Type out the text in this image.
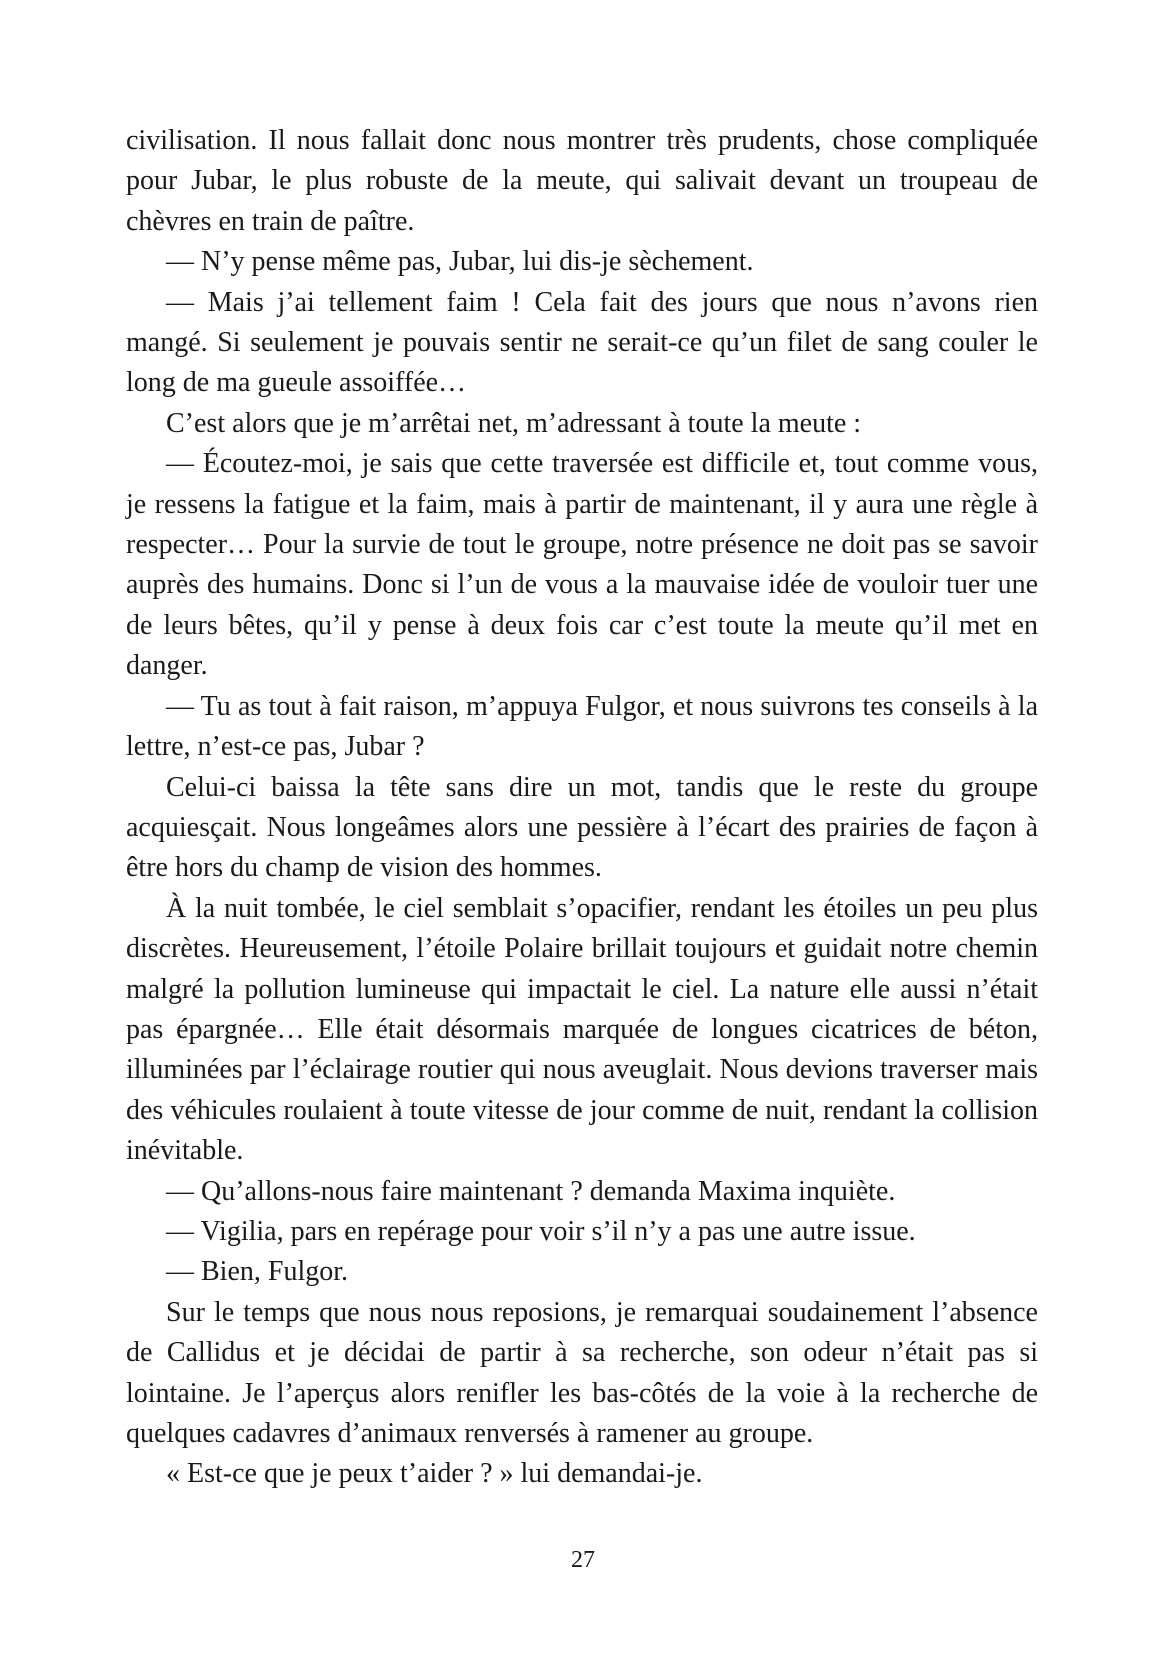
civilisation. Il nous fallait donc nous montrer très prudents, chose compliquée pour Jubar, le plus robuste de la meute, qui salivait devant un troupeau de chèvres en train de paître.

— N’y pense même pas, Jubar, lui dis-je sèchement.

— Mais j’ai tellement faim ! Cela fait des jours que nous n’avons rien mangé. Si seulement je pouvais sentir ne serait-ce qu’un filet de sang couler le long de ma gueule assoiffée…

C’est alors que je m’arrêtai net, m’adressant à toute la meute :

— Écoutez-moi, je sais que cette traversée est difficile et, tout comme vous, je ressens la fatigue et la faim, mais à partir de maintenant, il y aura une règle à respecter… Pour la survie de tout le groupe, notre présence ne doit pas se savoir auprès des humains. Donc si l’un de vous a la mauvaise idée de vouloir tuer une de leurs bêtes, qu’il y pense à deux fois car c’est toute la meute qu’il met en danger.

— Tu as tout à fait raison, m’appuya Fulgor, et nous suivrons tes conseils à la lettre, n’est-ce pas, Jubar ?

Celui-ci baissa la tête sans dire un mot, tandis que le reste du groupe acquiesçait. Nous longeâmes alors une pessière à l’écart des prairies de façon à être hors du champ de vision des hommes.

À la nuit tombée, le ciel semblait s’opacifier, rendant les étoiles un peu plus discrètes. Heureusement, l’étoile Polaire brillait toujours et guidait notre chemin malgré la pollution lumineuse qui impactait le ciel. La nature elle aussi n’était pas épargnée… Elle était désormais marquée de longues cicatrices de béton, illuminées par l’éclairage routier qui nous aveuglait. Nous devions traverser mais des véhicules roulaient à toute vitesse de jour comme de nuit, rendant la collision inévitable.

— Qu’allons-nous faire maintenant ? demanda Maxima inquiète.

— Vigilia, pars en repérage pour voir s’il n’y a pas une autre issue.

— Bien, Fulgor.

Sur le temps que nous nous reposions, je remarquai soudainement l’absence de Callidus et je décidai de partir à sa recherche, son odeur n’était pas si lointaine. Je l’aperçus alors renifler les bas-côtés de la voie à la recherche de quelques cadavres d’animaux renversés à ramener au groupe.

« Est-ce que je peux t’aider ? » lui demandai-je.

27
